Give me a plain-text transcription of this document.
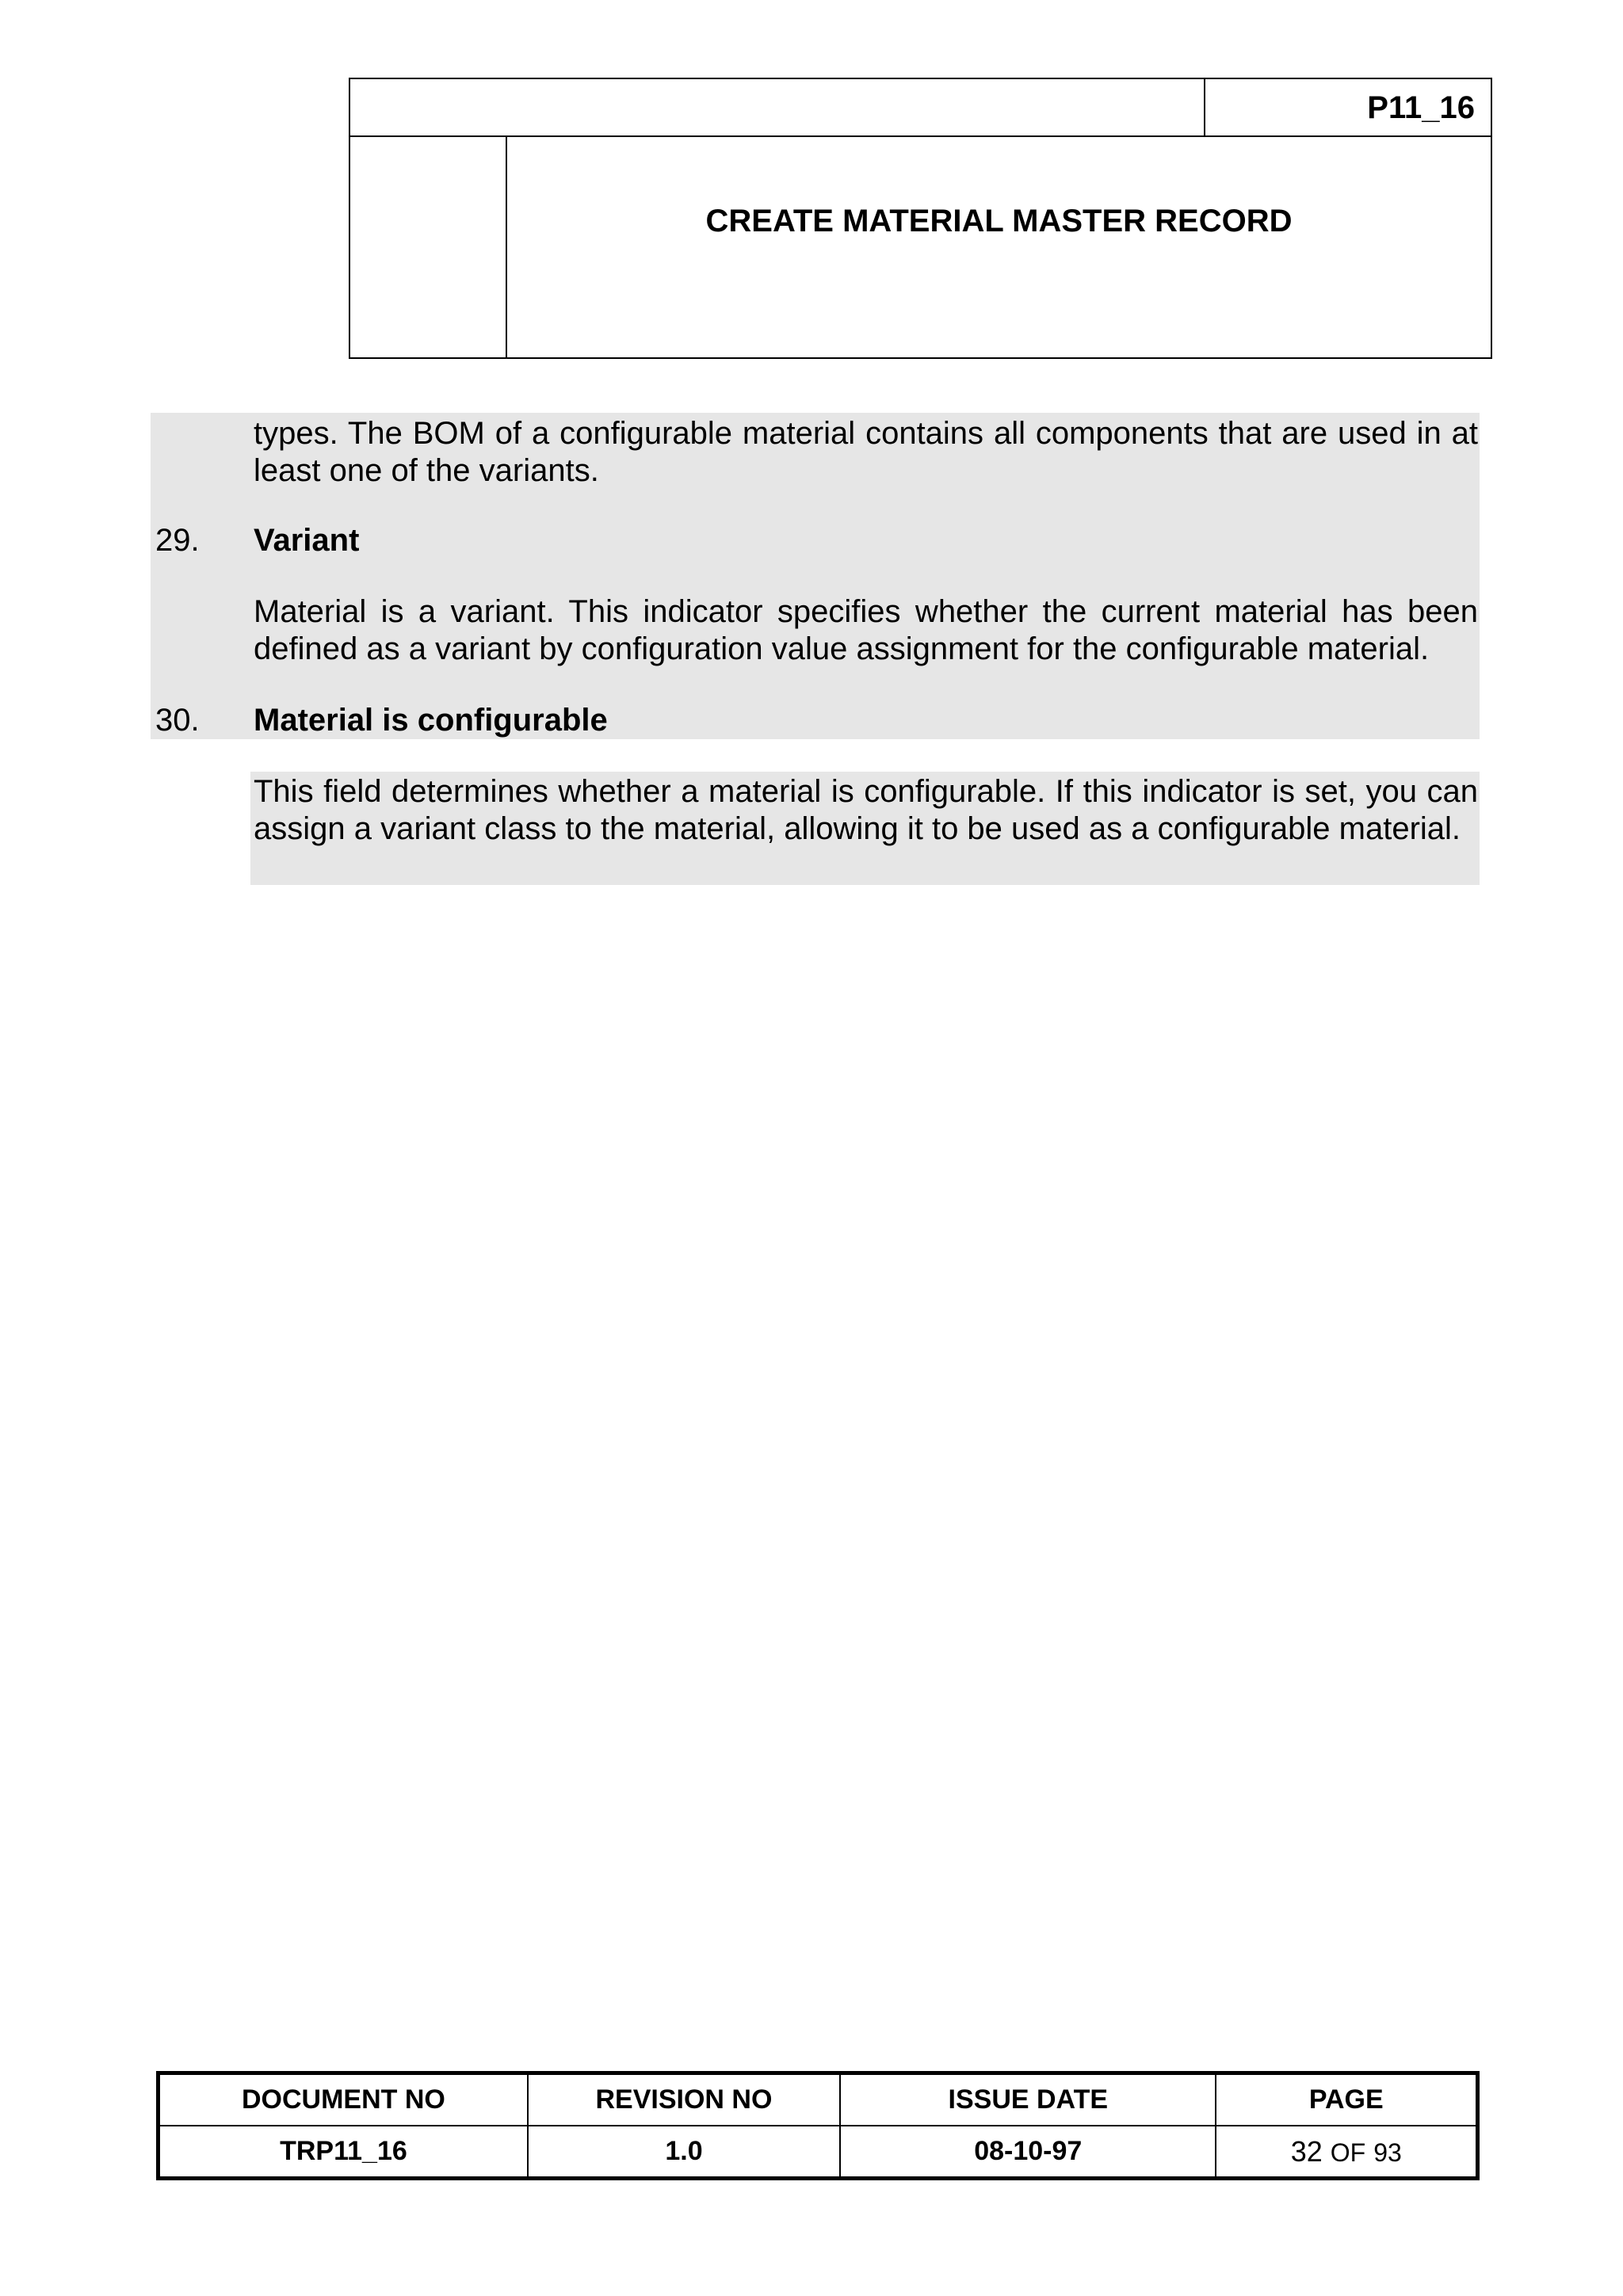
P11_16
CREATE MATERIAL MASTER RECORD
types. The BOM of a configurable material contains all components that are used in at least one of the variants.
29. Variant
Material is a variant. This indicator specifies whether the current material has been defined as a variant by configuration value assignment for the configurable material.
30. Material is configurable
This field determines whether a material is configurable. If this indicator is set, you can assign a variant class to the material, allowing it to be used as a configurable material.
DOCUMENT NO	REVISION NO	ISSUE DATE	PAGE
TRP11_16	1.0	08-10-97	32 OF 93
